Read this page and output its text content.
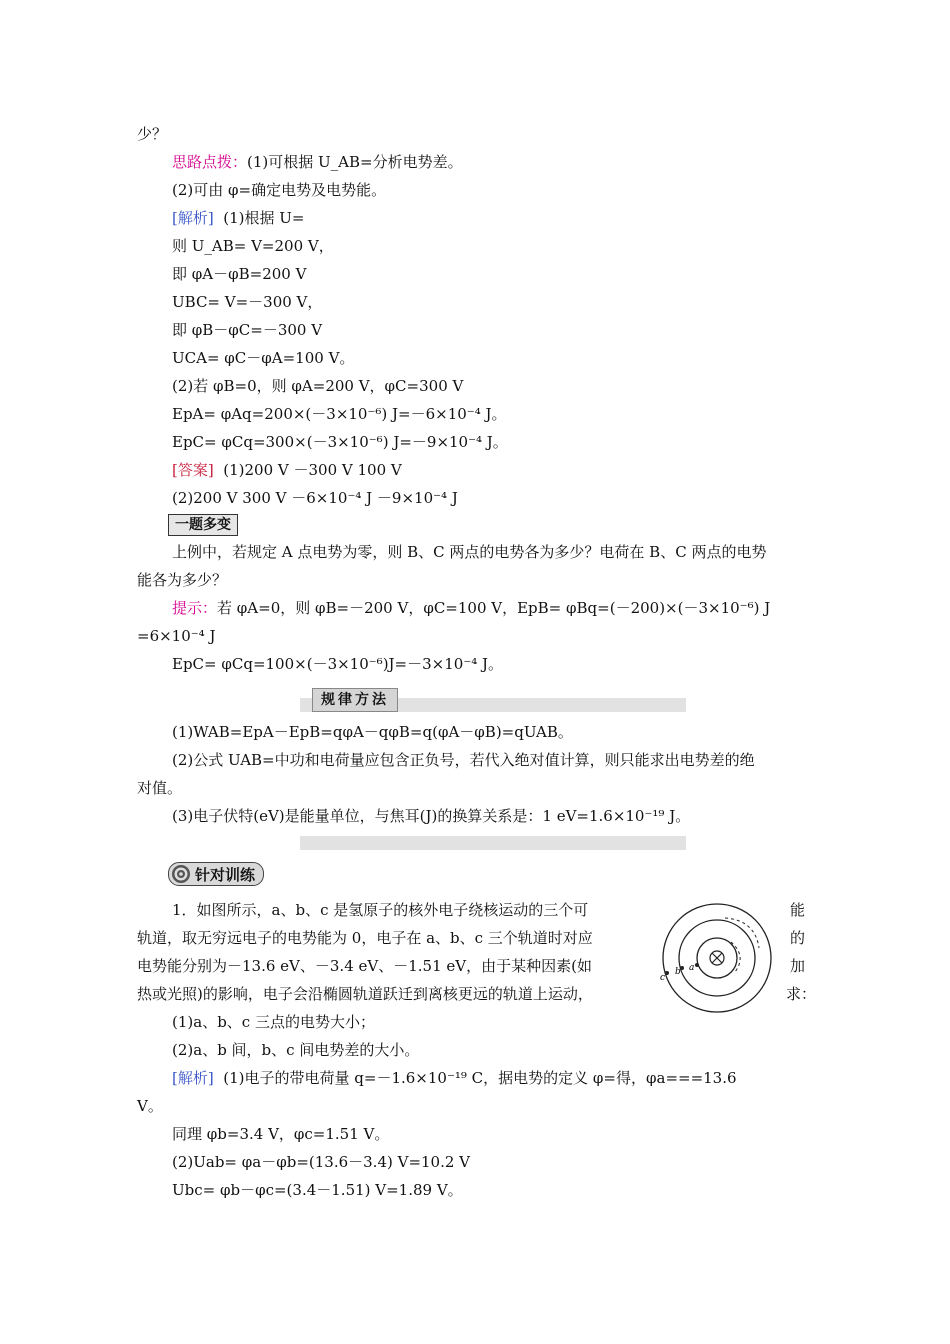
少？
思路点拨：(1)可根据 U_AB=分析电势差。
(2)可由 φ=确定电势及电势能。
[解析] (1)根据 U=
则 U_AB= V=200 V，
即 φA－φB=200 V
UBC= V=－300 V，
即 φB－φC=－300 V
UCA= φC－φA=100 V。
(2)若 φB=0，则 φA=200 V，φC=300 V
EpA= φAq=200×(－3×10⁻⁶) J=－6×10⁻⁴ J。
EpC= φCq=300×(－3×10⁻⁶) J=－9×10⁻⁴ J。
[答案] (1)200 V －300 V 100 V
(2)200 V 300 V －6×10⁻⁴ J －9×10⁻⁴ J
一题多变
上例中，若规定 A 点电势为零，则 B、C 两点的电势各为多少？电荷在 B、C 两点的电势
能各为多少？
提示：若 φA=0，则 φB=－200 V，φC=100 V，EpB= φBq=(－200)×(－3×10⁻⁶) J
=6×10⁻⁴ J
EpC= φCq=100×(－3×10⁻⁶)J=－3×10⁻⁴ J。
规律方法
(1)WAB=EpA－EpB=qφA－qφB=q(φA－φB)=qUAB。
(2)公式 UAB=中功和电荷量应包含正负号，若代入绝对值计算，则只能求出电势差的绝
对值。
(3)电子伏特(eV)是能量单位，与焦耳(J)的换算关系是：1 eV=1.6×10⁻¹⁹ J。
针对训练
1．如图所示，a、b、c 是氢原子的核外电子绕核运动的三个可
轨道，取无穷远电子的电势能为 0，电子在 a、b、c 三个轨道时对应
电势能分别为－13.6 eV、－3.4 eV、－1.51 eV，由于某种因素(如
热或光照)的影响，电子会沿椭圆轨道跃迁到离核更远的轨道上运动，
能
的
加
求：
a
b
c
(1)a、b、c 三点的电势大小；
(2)a、b 间，b、c 间电势差的大小。
[解析] (1)电子的带电荷量 q=－1.6×10⁻¹⁹ C，据电势的定义 φ=得，φa===13.6
V。
同理 φb=3.4 V，φc=1.51 V。
(2)Uab= φa－φb=(13.6－3.4) V=10.2 V
Ubc= φb－φc=(3.4－1.51) V=1.89 V。
